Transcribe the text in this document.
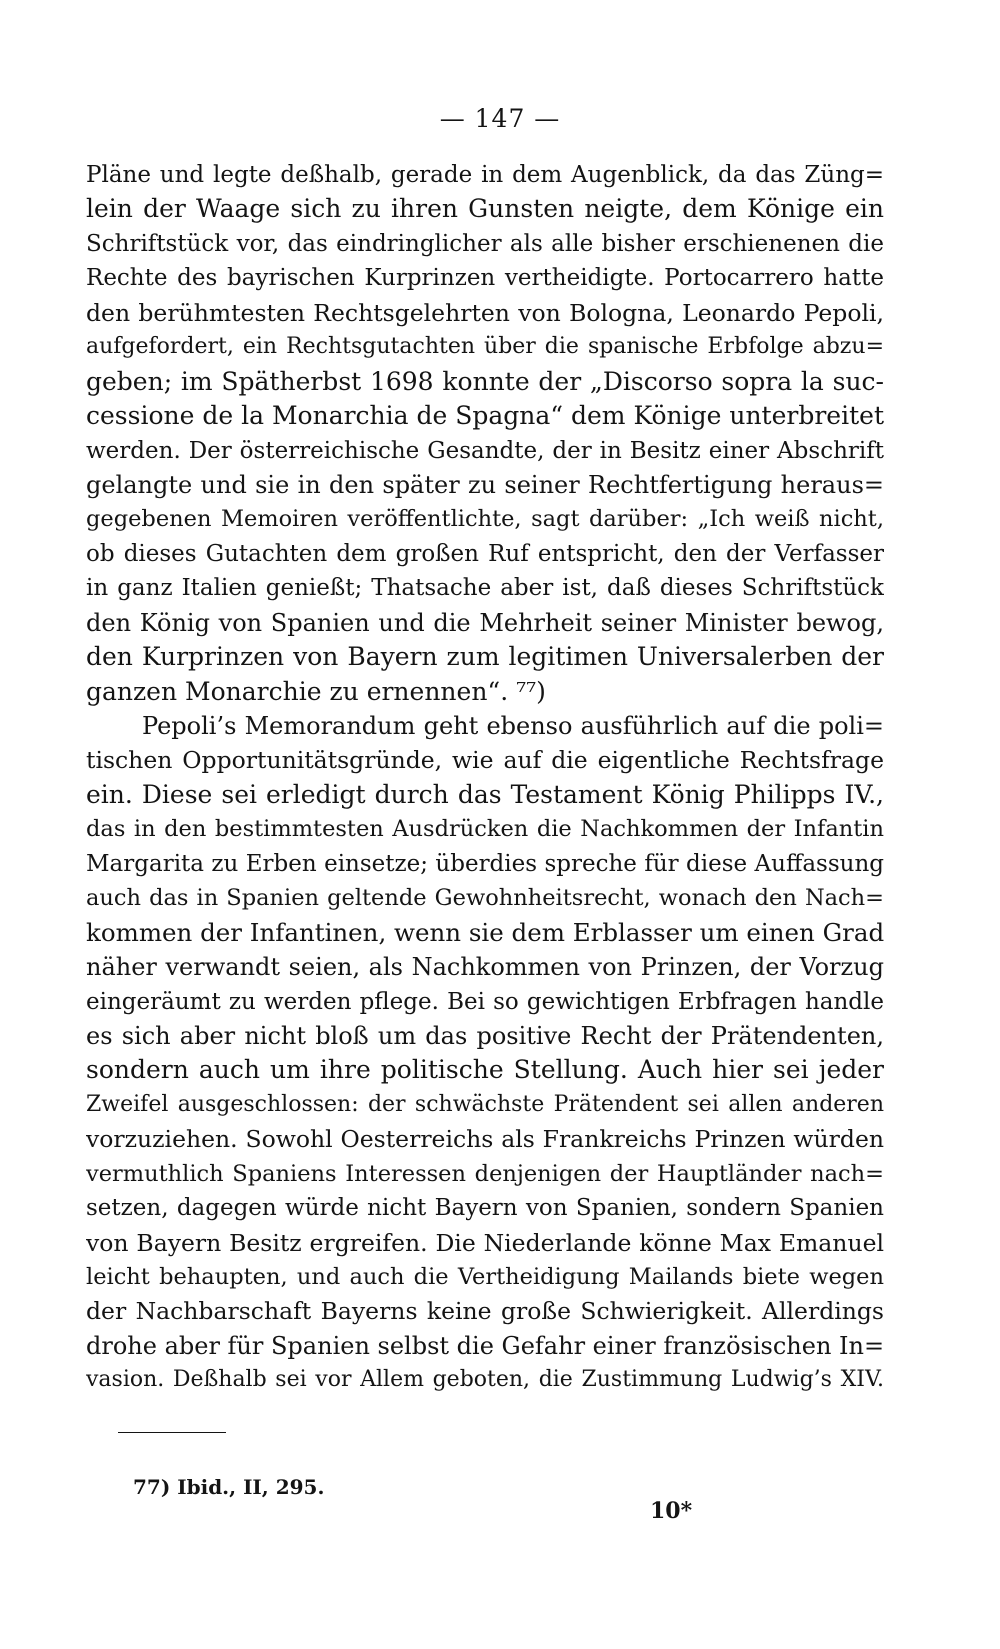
— 147 —
Pläne und legte deßhalb, gerade in dem Augenblick, da das Züng=
lein der Waage sich zu ihren Gunsten neigte, dem Könige ein
Schriftstück vor, das eindringlicher als alle bisher erschienenen die
Rechte des bayrischen Kurprinzen vertheidigte. Portocarrero hatte
den berühmtesten Rechtsgelehrten von Bologna, Leonardo Pepoli,
aufgefordert, ein Rechtsgutachten über die spanische Erbfolge abzu=
geben; im Spätherbst 1698 konnte der „Discorso sopra la suc-
cessione de la Monarchia de Spagna“ dem Könige unterbreitet
werden. Der österreichische Gesandte, der in Besitz einer Abschrift
gelangte und sie in den später zu seiner Rechtfertigung heraus=
gegebenen Memoiren veröffentlichte, sagt darüber: „Ich weiß nicht,
ob dieses Gutachten dem großen Ruf entspricht, den der Verfasser
in ganz Italien genießt; Thatsache aber ist, daß dieses Schriftstück
den König von Spanien und die Mehrheit seiner Minister bewog,
den Kurprinzen von Bayern zum legitimen Universalerben der
ganzen Monarchie zu ernennen“. ⁷⁷)
Pepoli’s Memorandum geht ebenso ausführlich auf die poli=
tischen Opportunitätsgründe, wie auf die eigentliche Rechtsfrage
ein. Diese sei erledigt durch das Testament König Philipps IV.,
das in den bestimmtesten Ausdrücken die Nachkommen der Infantin
Margarita zu Erben einsetze; überdies spreche für diese Auffassung
auch das in Spanien geltende Gewohnheitsrecht, wonach den Nach=
kommen der Infantinen, wenn sie dem Erblasser um einen Grad
näher verwandt seien, als Nachkommen von Prinzen, der Vorzug
eingeräumt zu werden pflege. Bei so gewichtigen Erbfragen handle
es sich aber nicht bloß um das positive Recht der Prätendenten,
sondern auch um ihre politische Stellung. Auch hier sei jeder
Zweifel ausgeschlossen: der schwächste Prätendent sei allen anderen
vorzuziehen. Sowohl Oesterreichs als Frankreichs Prinzen würden
vermuthlich Spaniens Interessen denjenigen der Hauptländer nach=
setzen, dagegen würde nicht Bayern von Spanien, sondern Spanien
von Bayern Besitz ergreifen. Die Niederlande könne Max Emanuel
leicht behaupten, und auch die Vertheidigung Mailands biete wegen
der Nachbarschaft Bayerns keine große Schwierigkeit. Allerdings
drohe aber für Spanien selbst die Gefahr einer französischen In=
vasion. Deßhalb sei vor Allem geboten, die Zustimmung Ludwig’s XIV.
77) Ibid., II, 295.
10*
